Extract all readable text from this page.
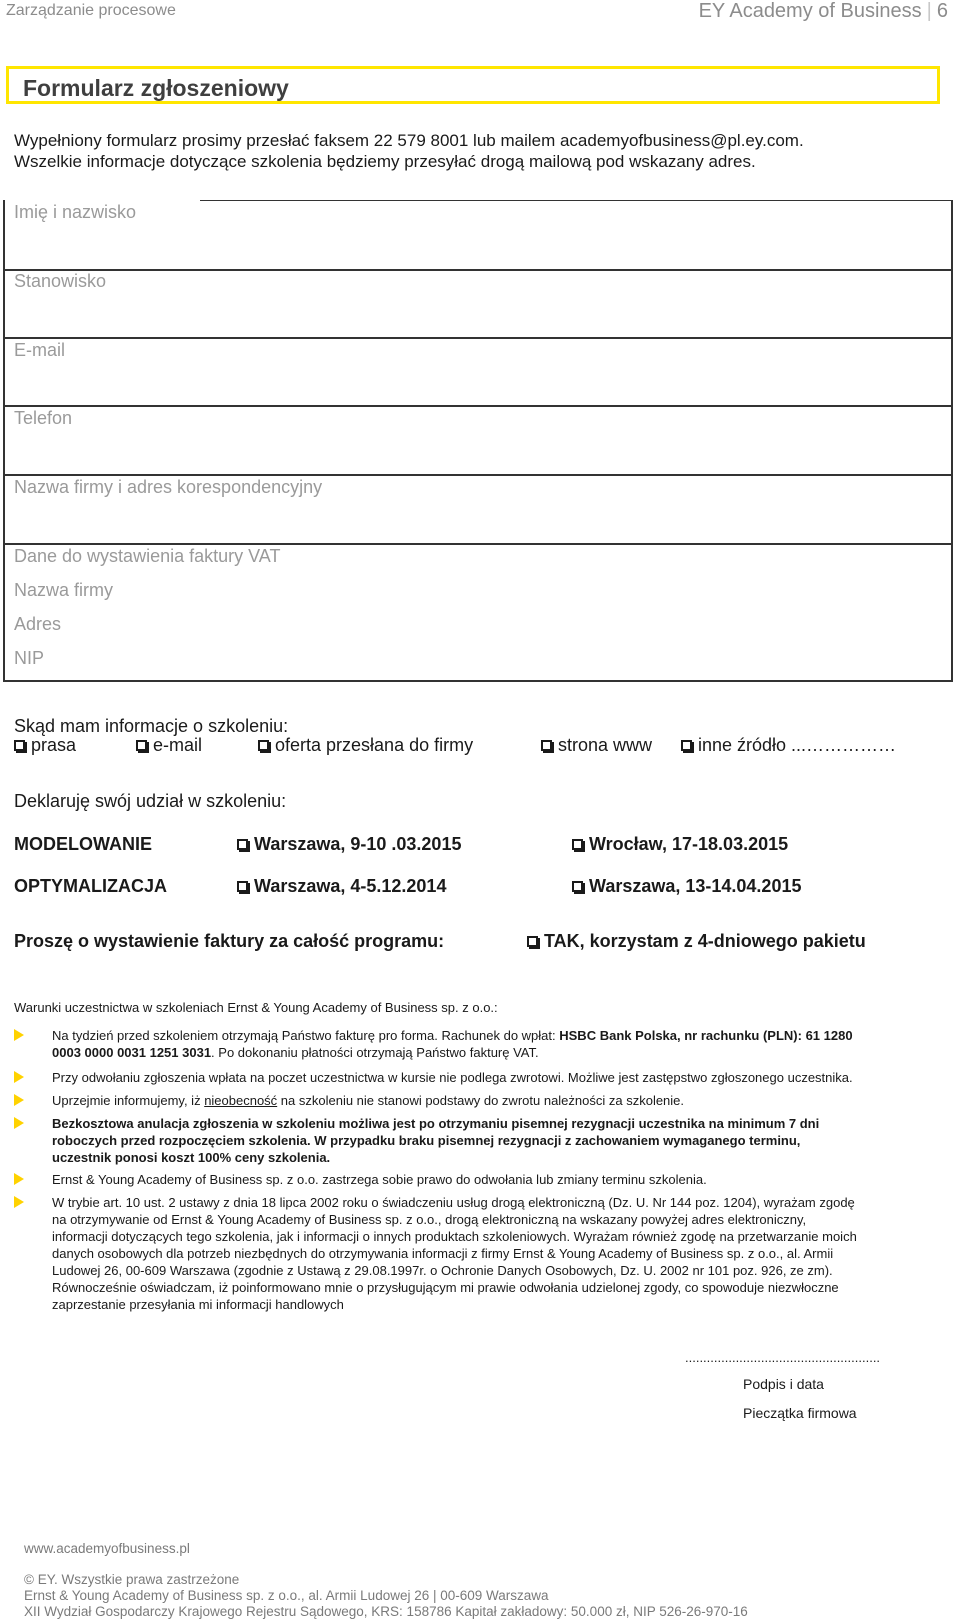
Zarządzanie procesowe	EY Academy of Business | 6
Formularz zgłoszeniowy
Wypełniony formularz prosimy przesłać faksem 22 579 8001 lub mailem academyofbusiness@pl.ey.com.
Wszelkie informacje dotyczące szkolenia będziemy przesyłać drogą mailową pod wskazany adres.
Imię i nazwisko
Stanowisko
E-mail
Telefon
Nazwa firmy i adres korespondencyjny
Dane do wystawienia faktury VAT
Nazwa firmy
Adres
NIP
Skąd mam informacje o szkoleniu:
prasa	e-mail	oferta przesłana do firmy	strona www	inne źródło ...……………
Deklaruję swój udział w szkoleniu:
MODELOWANIE	Warszawa, 9-10 .03.2015	Wrocław, 17-18.03.2015
OPTYMALIZACJA	Warszawa, 4-5.12.2014	Warszawa, 13-14.04.2015
Proszę o wystawienie faktury za całość programu:	TAK, korzystam z 4-dniowego pakietu
Warunki uczestnictwa w szkoleniach Ernst & Young Academy of Business sp. z o.o.:
Na tydzień przed szkoleniem otrzymają Państwo fakturę pro forma. Rachunek do wpłat: HSBC Bank Polska, nr rachunku (PLN): 61 1280
0003 0000 0031 1251 3031. Po dokonaniu płatności otrzymają Państwo fakturę VAT.
Przy odwołaniu zgłoszenia wpłata na poczet uczestnictwa w kursie nie podlega zwrotowi. Możliwe jest zastępstwo zgłoszonego uczestnika.
Uprzejmie informujemy, iż nieobecność na szkoleniu nie stanowi podstawy do zwrotu należności za szkolenie.
Bezkosztowa anulacja zgłoszenia w szkoleniu możliwa jest po otrzymaniu pisemnej rezygnacji uczestnika na minimum 7 dni
roboczych przed rozpoczęciem szkolenia. W przypadku braku pisemnej rezygnacji z zachowaniem wymaganego terminu,
uczestnik ponosi koszt 100% ceny szkolenia.
Ernst & Young Academy of Business sp. z o.o. zastrzega sobie prawo do odwołania lub zmiany terminu szkolenia.
W trybie art. 10 ust. 2 ustawy z dnia 18 lipca 2002 roku o świadczeniu usług drogą elektroniczną (Dz. U. Nr 144 poz. 1204), wyrażam zgodę
na otrzymywanie od Ernst & Young Academy of Business sp. z o.o., drogą elektroniczną na wskazany powyżej adres elektroniczny,
informacji dotyczących tego szkolenia, jak i informacji o innych produktach szkoleniowych. Wyrażam również zgodę na przetwarzanie moich
danych osobowych dla potrzeb niezbędnych do otrzymywania informacji z firmy Ernst & Young Academy of Business sp. z o.o., al. Armii
Ludowej 26, 00-609 Warszawa (zgodnie z Ustawą z 29.08.1997r. o Ochronie Danych Osobowych, Dz. U. 2002 nr 101 poz. 926, ze zm).
Równocześnie oświadczam, iż poinformowano mnie o przysługującym mi prawie odwołania udzielonej zgody, co spowoduje niezwłoczne
zaprzestanie przesyłania mi informacji handlowych
......................................................
Podpis i data
Pieczątka firmowa
www.academyofbusiness.pl
© EY. Wszystkie prawa zastrzeżone
Ernst & Young Academy of Business sp. z o.o., al. Armii Ludowej 26 | 00-609 Warszawa
XII Wydział Gospodarczy Krajowego Rejestru Sądowego, KRS: 158786 Kapitał zakładowy: 50.000 zł, NIP 526-26-970-16
